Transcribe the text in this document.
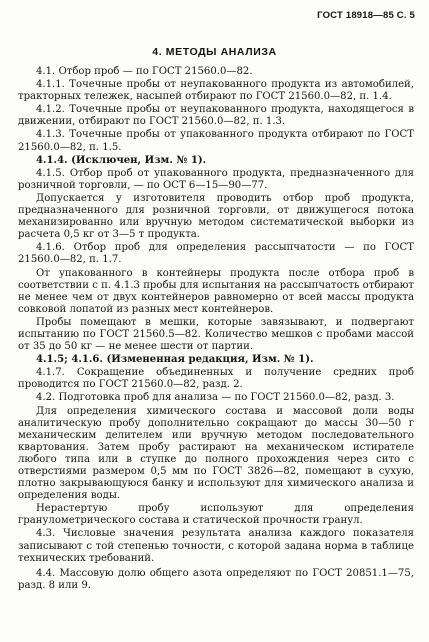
ГОСТ 18918—85 С. 5
4. МЕТОДЫ АНАЛИЗА

4.1. Отбор проб — по ГОСТ 21560.0—82.

4.1.1. Точечные пробы от неупакованного продукта из автомобилей, тракторных тележек, насыпей отбирают по ГОСТ 21560.0—82, п. 1.4.

4.1.2. Точечные пробы от неупакованного продукта, находящегося в движении, отбирают по ГОСТ 21560.0—82, п. 1.3.

4.1.3. Точечные пробы от упакованного продукта отбирают по ГОСТ 21560.0—82, п. 1.5.

4.1.4. (Исключен, Изм. № 1).

4.1.5. Отбор проб от упакованного продукта, предназначенного для розничной торговли, — по ОСТ 6—15—90—77.

Допускается у изготовителя проводить отбор проб продукта, предназначенного для розничной торговли, от движущегося потока механизированно или вручную методом систематической выборки из расчета 0,5 кг от 3—5 т продукта.

4.1.6. Отбор проб для определения рассыпчатости — по ГОСТ 21560.0—82, п. 1.7.

От упакованного в контейнеры продукта после отбора проб в соответствии с п. 4.1.3 пробы для испытания на рассыпчатость отбирают не менее чем от двух контейнеров равномерно от всей массы продукта совковой лопатой из разных мест контейнеров.

Пробы помещают в мешки, которые завязывают, и подвергают испытанию по ГОСТ 21560.5—82. Количество мешков с пробами массой от 35 до 50 кг — не менее шести от партии.

4.1.5; 4.1.6. (Измененная редакция, Изм. № 1).

4.1.7. Сокращение объединенных и получение средних проб проводится по ГОСТ 21560.0—82, разд. 2.

4.2. Подготовка проб для анализа — по ГОСТ 21560.0—82, разд. 3.

Для определения химического состава и массовой доли воды аналитическую пробу дополнительно сокращают до массы 30—50 г механическим делителем или вручную методом последовательного квартования. Затем пробу растирают на механическом истирателе любого типа или в ступке до полного прохождения через сито с отверстиями размером 0,5 мм по ГОСТ 3826—82, помещают в сухую, плотно закрывающуюся банку и используют для химического анализа и определения воды.

Нерастертую пробу используют для определения гранулометрического состава и статической прочности гранул.

4.3. Числовые значения результата анализа каждого показателя записывают с той степенью точности, с которой задана норма в таблице технических требований.

4.4. Массовую долю общего азота определяют по ГОСТ 20851.1—75, разд. 8 или 9.
